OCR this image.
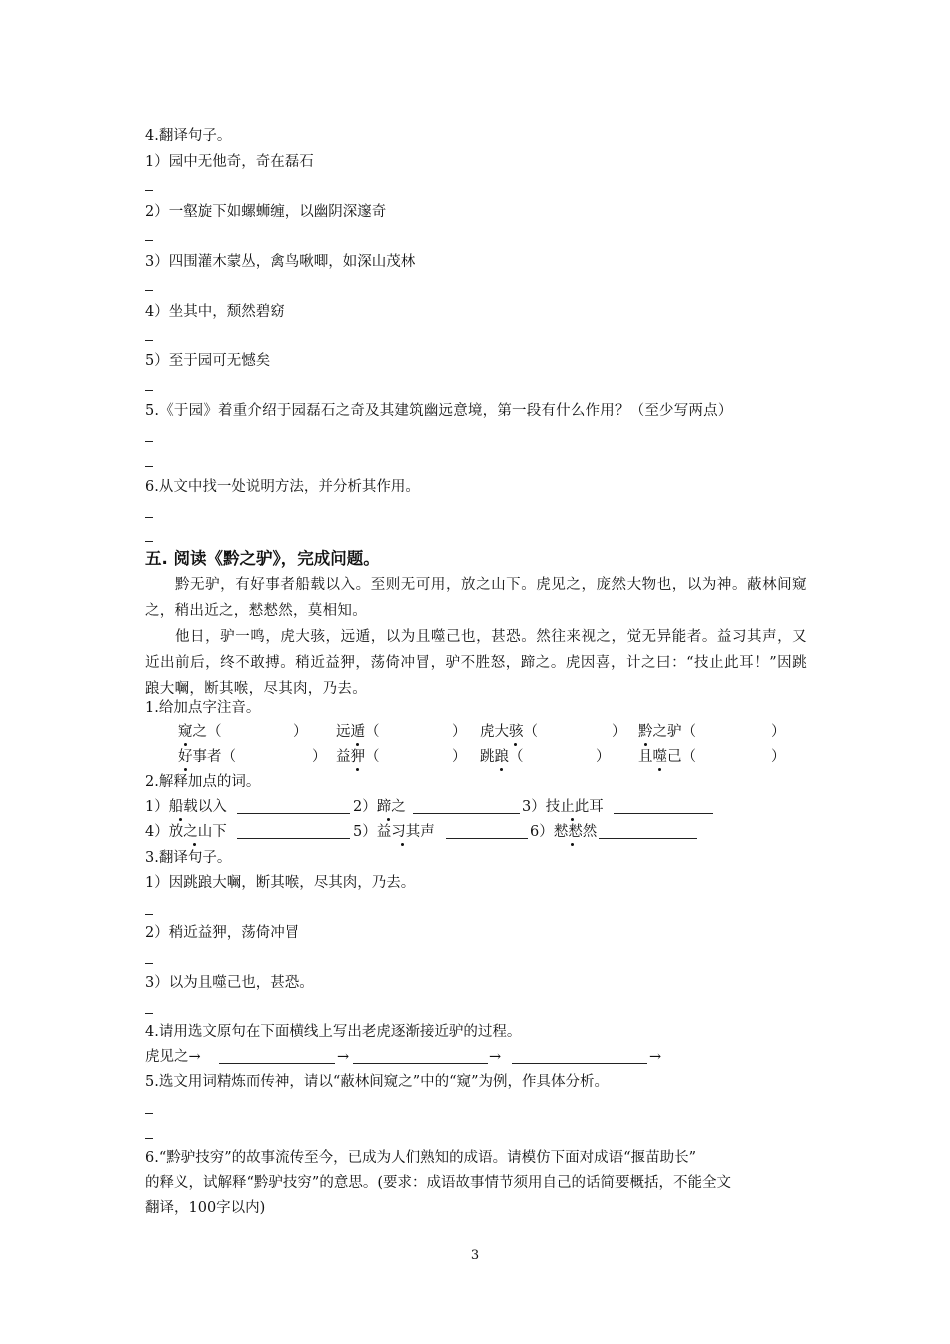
4.翻译句子。
1）园中无他奇，奇在磊石
2）一壑旋下如螺蛳缠，以幽阴深邃奇
3）四围灌木蒙丛，禽鸟啾唧，如深山茂林
4）坐其中，颓然碧窈
5）至于园可无憾矣
5.《于园》着重介绍于园磊石之奇及其建筑幽远意境，第一段有什么作用？（至少写两点）
6.从文中找一处说明方法，并分析其作用。
五. 阅读《黔之驴》，完成问题。
黔无驴，有好事者船载以入。至则无可用，放之山下。虎见之，庞然大物也，以为神。蔽林间窥之，稍出近之，慭慭然，莫相知。
他日，驴一鸣，虎大骇，远遁，以为且噬己也，甚恐。然往来视之，觉无异能者。益习其声，又近出前后，终不敢搏。稍近益狎，荡倚冲冒，驴不胜怒，蹄之。虎因喜，计之曰：“技止此耳！”因跳踉大㘎，断其喉，尽其肉，乃去。
1.给加点字注音。
窥之（	） 远遁（	） 虎大骇（	） 黔之驴（	）
好事者（	） 益狎（	） 跳踉（	） 且噬己（	）
2.解释加点的词。
1）船载以入	2）蹄之	3）技止此耳
4）放之山下	5）益习其声	6）慭慭然
3.翻译句子。
1）因跳踉大㘎，断其喉，尽其肉，乃去。
2）稍近益狎，荡倚冲冒
3）以为且噬己也，甚恐。
4.请用选文原句在下面横线上写出老虎逐渐接近驴的过程。
虎见之→	→	→	→
5.选文用词精炼而传神，请以“蔽林间窥之”中的“窥”为例，作具体分析。
6.“黔驴技穷”的故事流传至今，已成为人们熟知的成语。请模仿下面对成语“揠苗助长”
的释义，试解释“黔驴技穷”的意思。(要求：成语故事情节须用自己的话简要概括，不能全文
翻译，100字以内)
3
